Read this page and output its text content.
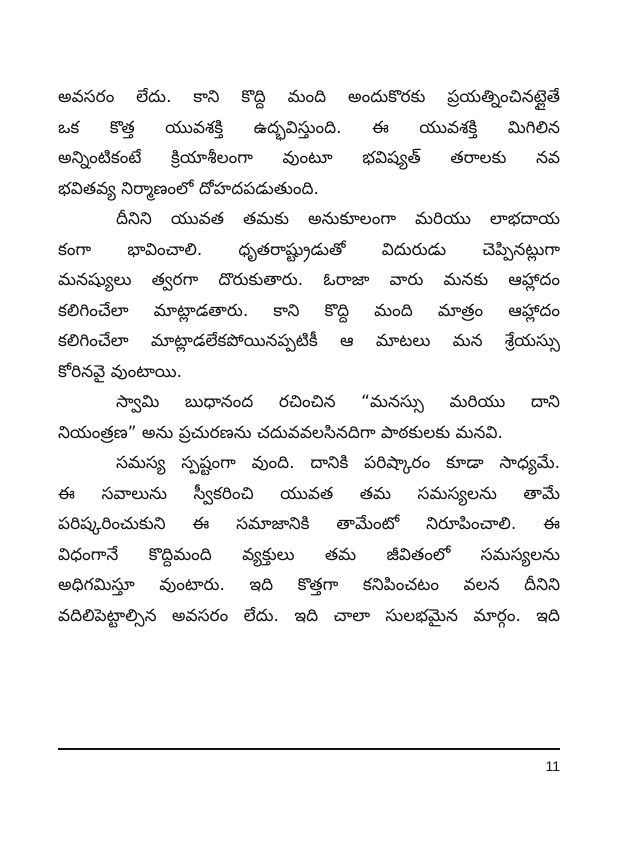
అవసరం లేదు. కాని కొద్ది మంది అందుకొరకు ప్రయత్నించినట్లైతే
ఒక కొత్త యువశక్తి ఉద్భవిస్తుంది. ఈ యువశక్తి మిగిలిన
అన్నింటికంటే క్రియాశీలంగా వుంటూ భవిష్యత్ తరాలకు నవ
భవితవ్య నిర్మాణంలో దోహదపడుతుంది.
దీనిని యువత తమకు అనుకూలంగా మరియు లాభదాయ
కంగా భావించాలి. ధృతరాష్ట్రుడుతో విదురుడు చెప్పినట్లుగా
మనష్యులు త్వరగా దొరుకుతారు. ఓరాజా వారు మనకు ఆహ్లాదం
కలిగించేలా మాట్లాడతారు. కాని కొద్ది మంది మాత్రం ఆహ్లాదం
కలిగించేలా మాట్లాడలేకపోయినప్పటికీ ఆ మాటలు మన శ్రేయస్సు
కోరినవై వుంటాయి.
స్వామి బుధానంద రచించిన “మనస్సు మరియు దాని
నియంత్రణ” అను ప్రచురణను చదువవలసినదిగా పాఠకులకు మనవి.
సమస్య స్పష్టంగా వుంది. దానికి పరిష్కారం కూడా సాధ్యమే.
ఈ సవాలును స్వీకరించి యువత తమ సమస్యలను తామే
పరిష్కరించుకుని ఈ సమాజానికి తామేంటో నిరూపించాలి. ఈ
విధంగానే కొద్దిమంది వ్యక్తులు తమ జీవితంలో సమస్యలను
అధిగమిస్తూ వుంటారు. ఇది కొత్తగా కనిపించటం వలన దీనిని
వదిలిపెట్టాల్సిన అవసరం లేదు. ఇది చాలా సులభమైన మార్గం. ఇది
11
